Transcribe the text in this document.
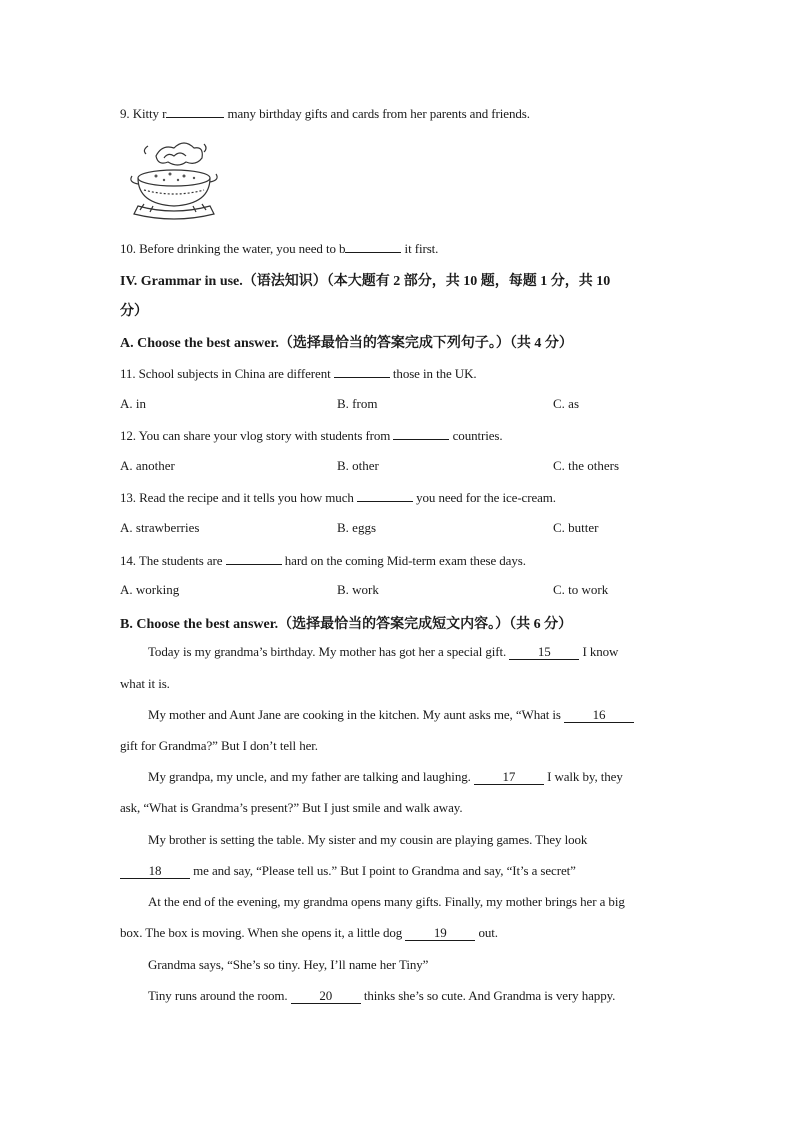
9. Kitty r	many birthday gifts and cards from her parents and friends.
10. Before drinking the water, you need to b	it first.
IV. Grammar in use.（语法知识）（本大题有 2 部分，共 10 题，每题 1 分，共 10
分）
A. Choose the best answer.（选择最恰当的答案完成下列句子。）（共 4 分）
11. School subjects in China are different	those in the UK.
A. in	B. from	C. as
12. You can share your vlog story with students from	countries.
A. another	B. other	C. the others
13. Read the recipe and it tells you how much	you need for the ice-cream.
A. strawberries	B. eggs	C. butter
14. The students are	hard on the coming Mid-term exam these days.
A. working	B. work	C. to work
B. Choose the best answer.（选择最恰当的答案完成短文内容。）（共 6 分）
Today is my grandma’s birthday. My mother has got her a special gift. 15 I know
what it is.
My mother and Aunt Jane are cooking in the kitchen. My aunt asks me, “What is 16
gift for Grandma?” But I don’t tell her.
My grandpa, my uncle, and my father are talking and laughing. 17 I walk by, they
ask, “What is Grandma’s present?” But I just smile and walk away.
My brother is setting the table. My sister and my cousin are playing games. They look
18 me and say, “Please tell us.” But I point to Grandma and say, “It’s a secret”
At the end of the evening, my grandma opens many gifts. Finally, my mother brings her a big
box. The box is moving. When she opens it, a little dog 19 out.
Grandma says, “She’s so tiny. Hey, I’ll name her Tiny”
Tiny runs around the room. 20 thinks she’s so cute. And Grandma is very happy.
